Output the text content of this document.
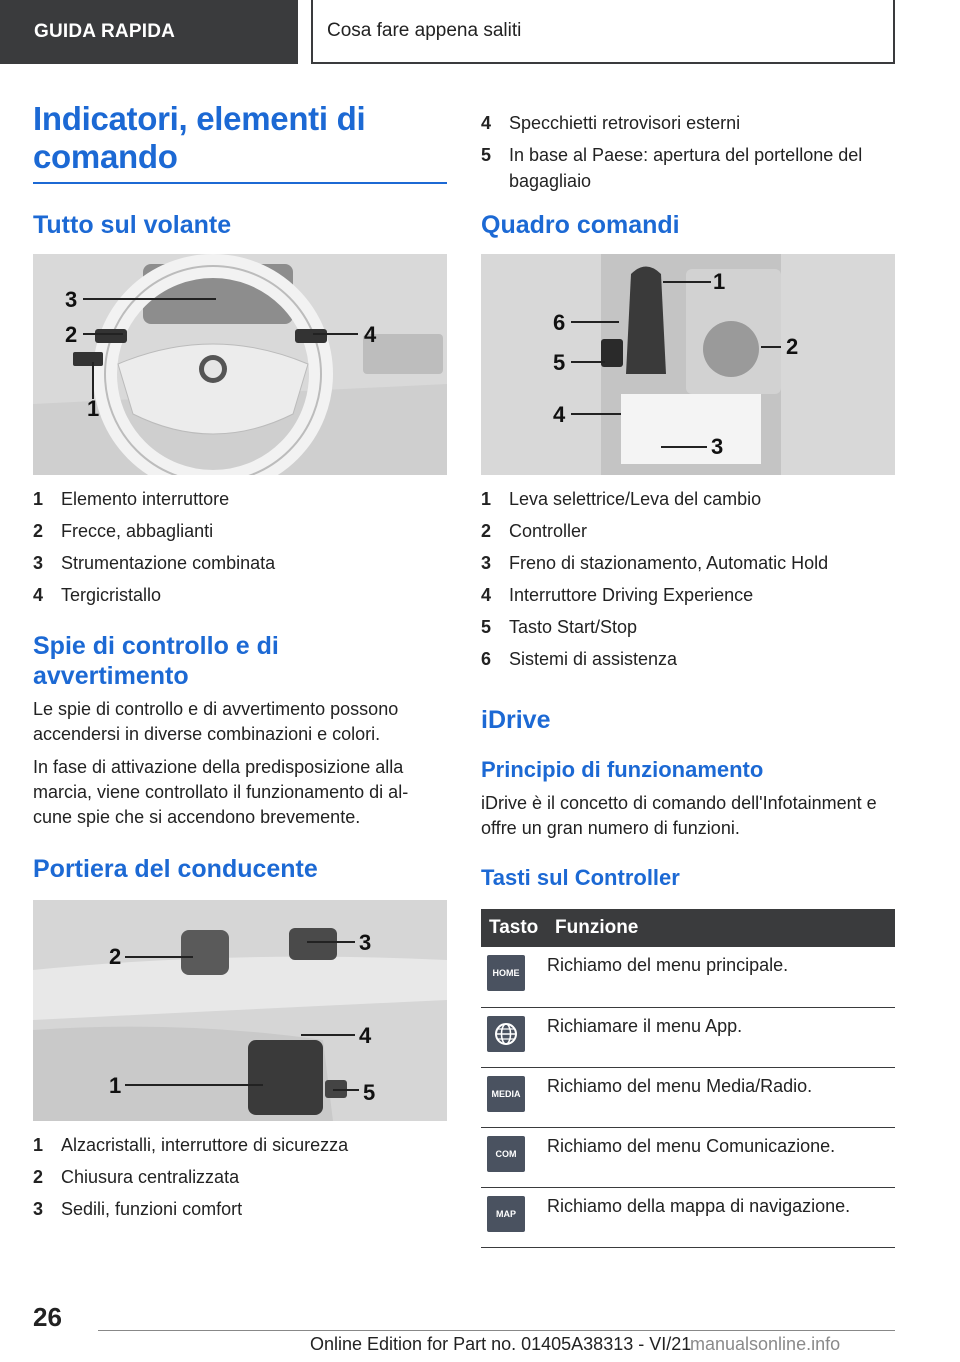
GUIDA RAPIDA	Cosa fare appena saliti
Indicatori, elementi di
comando
Tutto sul volante
3
2	4
1
1 Elemento interruttore
2 Frecce, abbaglianti
3 Strumentazione combinata
4 Tergicristallo
Spie di controllo e di
avvertimento

Le spie di controllo e di avvertimento possono accendersi in diverse combinazioni e colori.

In fase di attivazione della predisposizione alla marcia, viene controllato il funzionamento di al- cune spie che si accendono brevemente.

Portiera del conducente
2
3
4
1	5
1 Alzacristalli, interruttore di sicurezza
2 Chiusura centralizzata
3 Sedili, funzioni comfort
4 Specchietti retrovisori esterni
5 In base al Paese: apertura del portellone del bagagliaio
Quadro comandi
1
2
6
5
4
3
1 Leva selettrice/Leva del cambio
2 Controller
3 Freno di stazionamento, Automatic Hold
4 Interruttore Driving Experience
5 Tasto Start/Stop
6 Sistemi di assistenza
iDrive
Principio di funzionamento

iDrive è il concetto di comando dell'Infotainment e offre un gran numero di funzioni.

Tasti sul Controller
Tasto	Funzione

HOME	Richiamo del menu principale.

	Richiamare il menu App.

MEDIA	Richiamo del menu Media/Radio.

COM	Richiamo del menu Comunicazione.

MAP	Richiamo della mappa di navigazione.
26
Online Edition for Part no. 01405A38313 - VI/21
manualsonline.info
